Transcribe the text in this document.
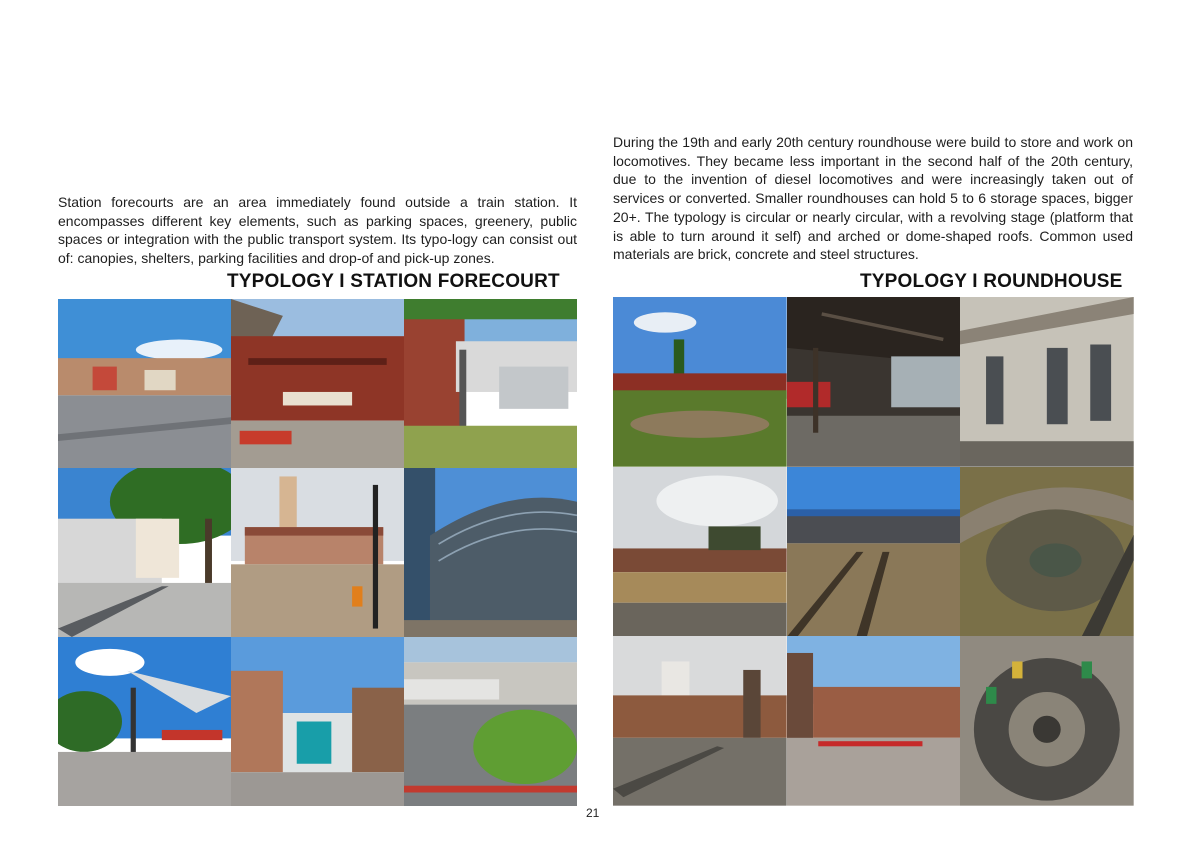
Station forecourts are an area immediately found outside a train station. It encompasses different key elements, such as parking spaces, greenery, public spaces or integration with the public transport system. Its typo-logy can consist out of: canopies, shelters, parking facilities and drop-of and pick-up zones.

TYPOLOGY I STATION FORECOURT

During the 19th and early 20th century roundhouse were build to store and work on locomotives. They became less important in the second half of the 20th century, due to the invention of diesel locomotives and were increasingly taken out of services or converted. Smaller roundhouses can hold 5 to 6 storage spaces, bigger 20+. The typology is circular or nearly circular, with a revolving stage (platform that is able to turn around it self) and arched or dome-shaped roofs. Common used materials are brick, concrete and steel structures.

TYPOLOGY I ROUNDHOUSE
21
